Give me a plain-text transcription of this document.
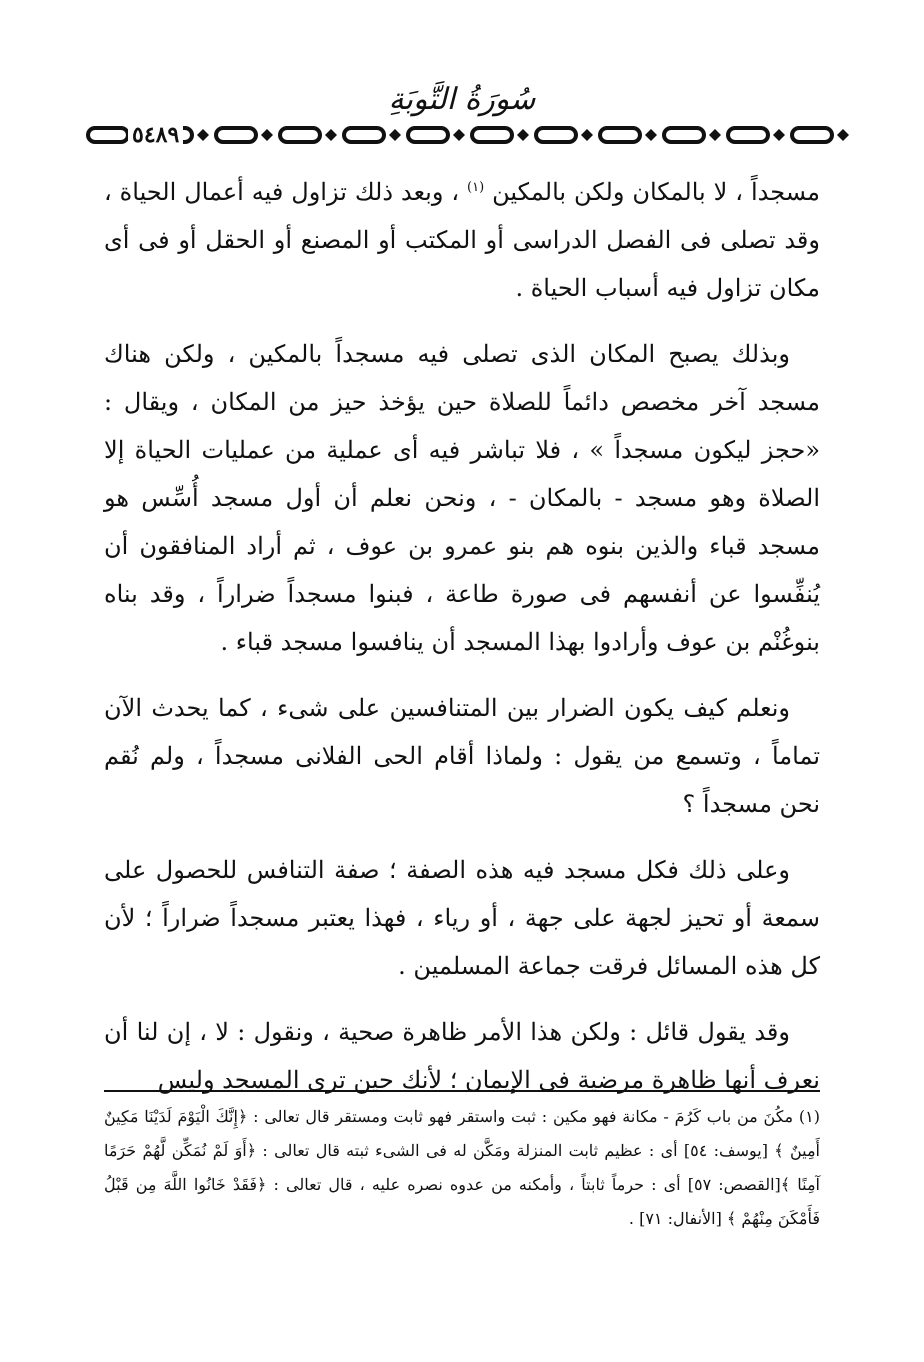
سُورَةُ التَّوبَةِ
٥٤٨٩

مسجداً ، لا بالمكان ولكن بالمكين $^{(١)}$ ، وبعد ذلك تزاول فيه أعمال الحياة ، وقد تصلى فى الفصل الدراسى أو المكتب أو المصنع أو الحقل أو فى أى مكان تزاول فيه أسباب الحياة .

وبذلك يصبح المكان الذى تصلى فيه مسجداً بالمكين ، ولكن هناك مسجد آخر مخصص دائماً للصلاة حين يؤخذ حيز من المكان ، ويقال : «حجز ليكون مسجداً » ، فلا تباشر فيه أى عملية من عمليات الحياة إلا الصلاة وهو مسجد - بالمكان - ، ونحن نعلم أن أول مسجد أُسِّس هو مسجد قباء والذين بنوه هم بنو عمرو بن عوف ، ثم أراد المنافقون أن يُنفِّسوا عن أنفسهم فى صورة طاعة ، فبنوا مسجداً ضراراً ، وقد بناه بنوغُنْم بن عوف وأرادوا بهذا المسجد أن ينافسوا مسجد قباء .

ونعلم كيف يكون الضرار بين المتنافسين على شىء ، كما يحدث الآن تماماً ، وتسمع من يقول : ولماذا أقام الحى الفلانى مسجداً ، ولم نُقم نحن مسجداً ؟

وعلى ذلك فكل مسجد فيه هذه الصفة ؛ صفة التنافس للحصول على سمعة أو تحيز لجهة على جهة ، أو رياء ، فهذا يعتبر مسجداً ضراراً ؛ لأن كل هذه المسائل فرقت جماعة المسلمين .

وقد يقول قائل : ولكن هذا الأمر ظاهرة صحية ، ونقول : لا ، إن لنا أن نعرف أنها ظاهرة مرضية فى الإيمان ؛ لأنك حين ترى المسجد وليس

(١) مكُنَ من باب كَرُمَ - مكانة فهو مكين : ثبت واستقر فهو ثابت ومستقر قال تعالى : ﴿إِنَّكَ الْيَوْمَ لَدَيْنَا مَكِينٌ أَمِينٌ ﴾ [يوسف: ٥٤] أى : عظيم ثابت المنزلة ومَكَّن له فى الشىء ثبته قال تعالى : ﴿أَوَ لَمْ نُمَكِّن لَّهُمْ حَرَمًا آمِنًا ﴾[القصص: ٥٧] أى : حرماً ثابتاً ، وأمكنه من عدوه نصره عليه ، قال تعالى : ﴿فَقَدْ خَانُوا اللَّهَ مِن قَبْلُ فَأَمْكَنَ مِنْهُمْ ﴾ [الأنفال: ٧١] .
